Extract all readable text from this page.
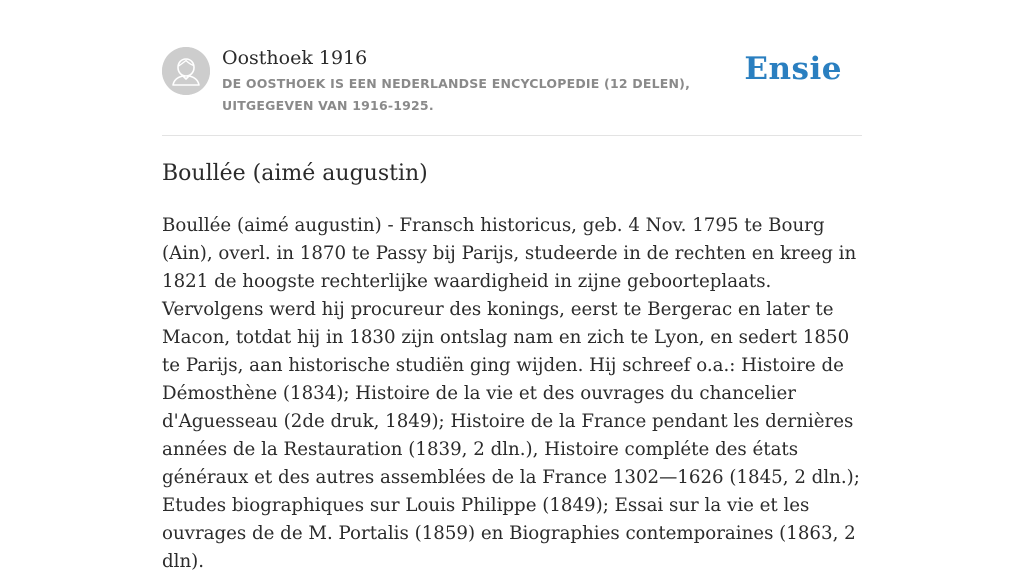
Oosthoek 1916
DE OOSTHOEK IS EEN NEDERLANDSE ENCYCLOPEDIE (12 DELEN), UITGEGEVEN VAN 1916-1925.
Ensie
Boullée (aimé augustin)

Boullée (aimé augustin) - Fransch historicus, geb. 4 Nov. 1795 te Bourg (Ain), overl. in 1870 te Passy bij Parijs, studeerde in de rechten en kreeg in 1821 de hoogste rechterlijke waardigheid in zijne geboorteplaats. Vervolgens werd hij procureur des konings, eerst te Bergerac en later te Macon, totdat hij in 1830 zijn ontslag nam en zich te Lyon, en sedert 1850 te Parijs, aan historische studiën ging wijden. Hij schreef o.a.: Histoire de Démosthène (1834); Histoire de la vie et des ouvrages du chancelier d'Aguesseau (2de druk, 1849); Histoire de la France pendant les dernières années de la Restauration (1839, 2 dln.), Histoire compléte des états généraux et des autres assemblées de la France 1302—1626 (1845, 2 dln.); Etudes biographiques sur Louis Philippe (1849); Essai sur la vie et les ouvrages de de M. Portalis (1859) en Biographies contemporaines (1863, 2 dln).
